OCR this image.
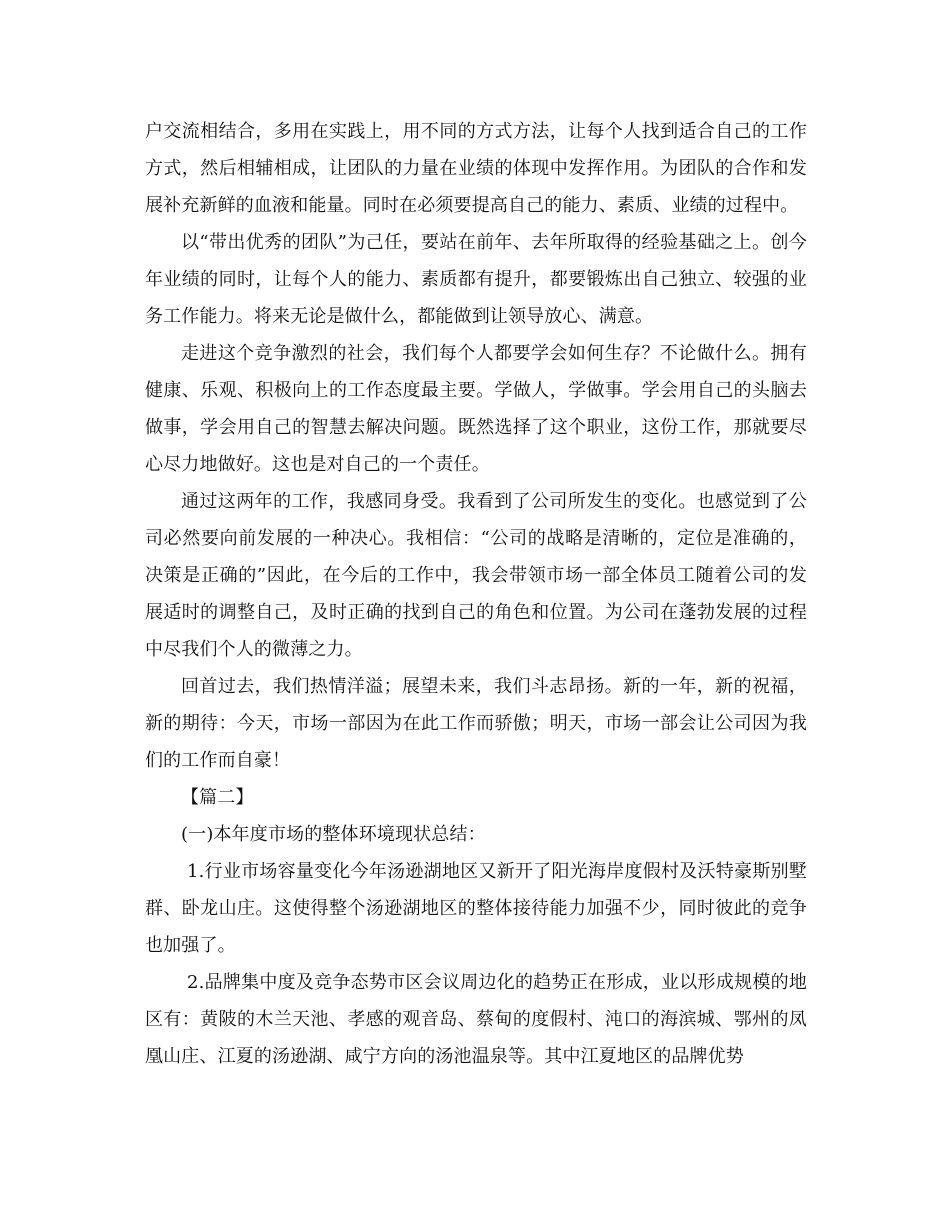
户交流相结合，多用在实践上，用不同的方式方法，让每个人找到适合自己的工作方式，然后相辅相成，让团队的力量在业绩的体现中发挥作用。为团队的合作和发展补充新鲜的血液和能量。同时在必须要提高自己的能力、素质、业绩的过程中。

以“带出优秀的团队”为己任，要站在前年、去年所取得的经验基础之上。创今年业绩的同时，让每个人的能力、素质都有提升，都要锻炼出自己独立、较强的业务工作能力。将来无论是做什么，都能做到让领导放心、满意。

走进这个竞争激烈的社会，我们每个人都要学会如何生存？不论做什么。拥有健康、乐观、积极向上的工作态度最主要。学做人，学做事。学会用自己的头脑去做事，学会用自己的智慧去解决问题。既然选择了这个职业，这份工作，那就要尽心尽力地做好。这也是对自己的一个责任。

通过这两年的工作，我感同身受。我看到了公司所发生的变化。也感觉到了公司必然要向前发展的一种决心。我相信：“公司的战略是清晰的，定位是准确的，决策是正确的”因此，在今后的工作中，我会带领市场一部全体员工随着公司的发展适时的调整自己，及时正确的找到自己的角色和位置。为公司在蓬勃发展的过程中尽我们个人的微薄之力。

回首过去，我们热情洋溢；展望未来，我们斗志昂扬。新的一年，新的祝福，新的期待：今天，市场一部因为在此工作而骄傲；明天，市场一部会让公司因为我们的工作而自豪！

【篇二】

(一)本年度市场的整体环境现状总结：

1.行业市场容量变化今年汤逊湖地区又新开了阳光海岸度假村及沃特豪斯别墅群、卧龙山庄。这使得整个汤逊湖地区的整体接待能力加强不少，同时彼此的竞争也加强了。

2.品牌集中度及竞争态势市区会议周边化的趋势正在形成，业以形成规模的地区有：黄陂的木兰天池、孝感的观音岛、蔡甸的度假村、沌口的海滨城、鄂州的凤凰山庄、江夏的汤逊湖、咸宁方向的汤池温泉等。其中江夏地区的品牌优势
